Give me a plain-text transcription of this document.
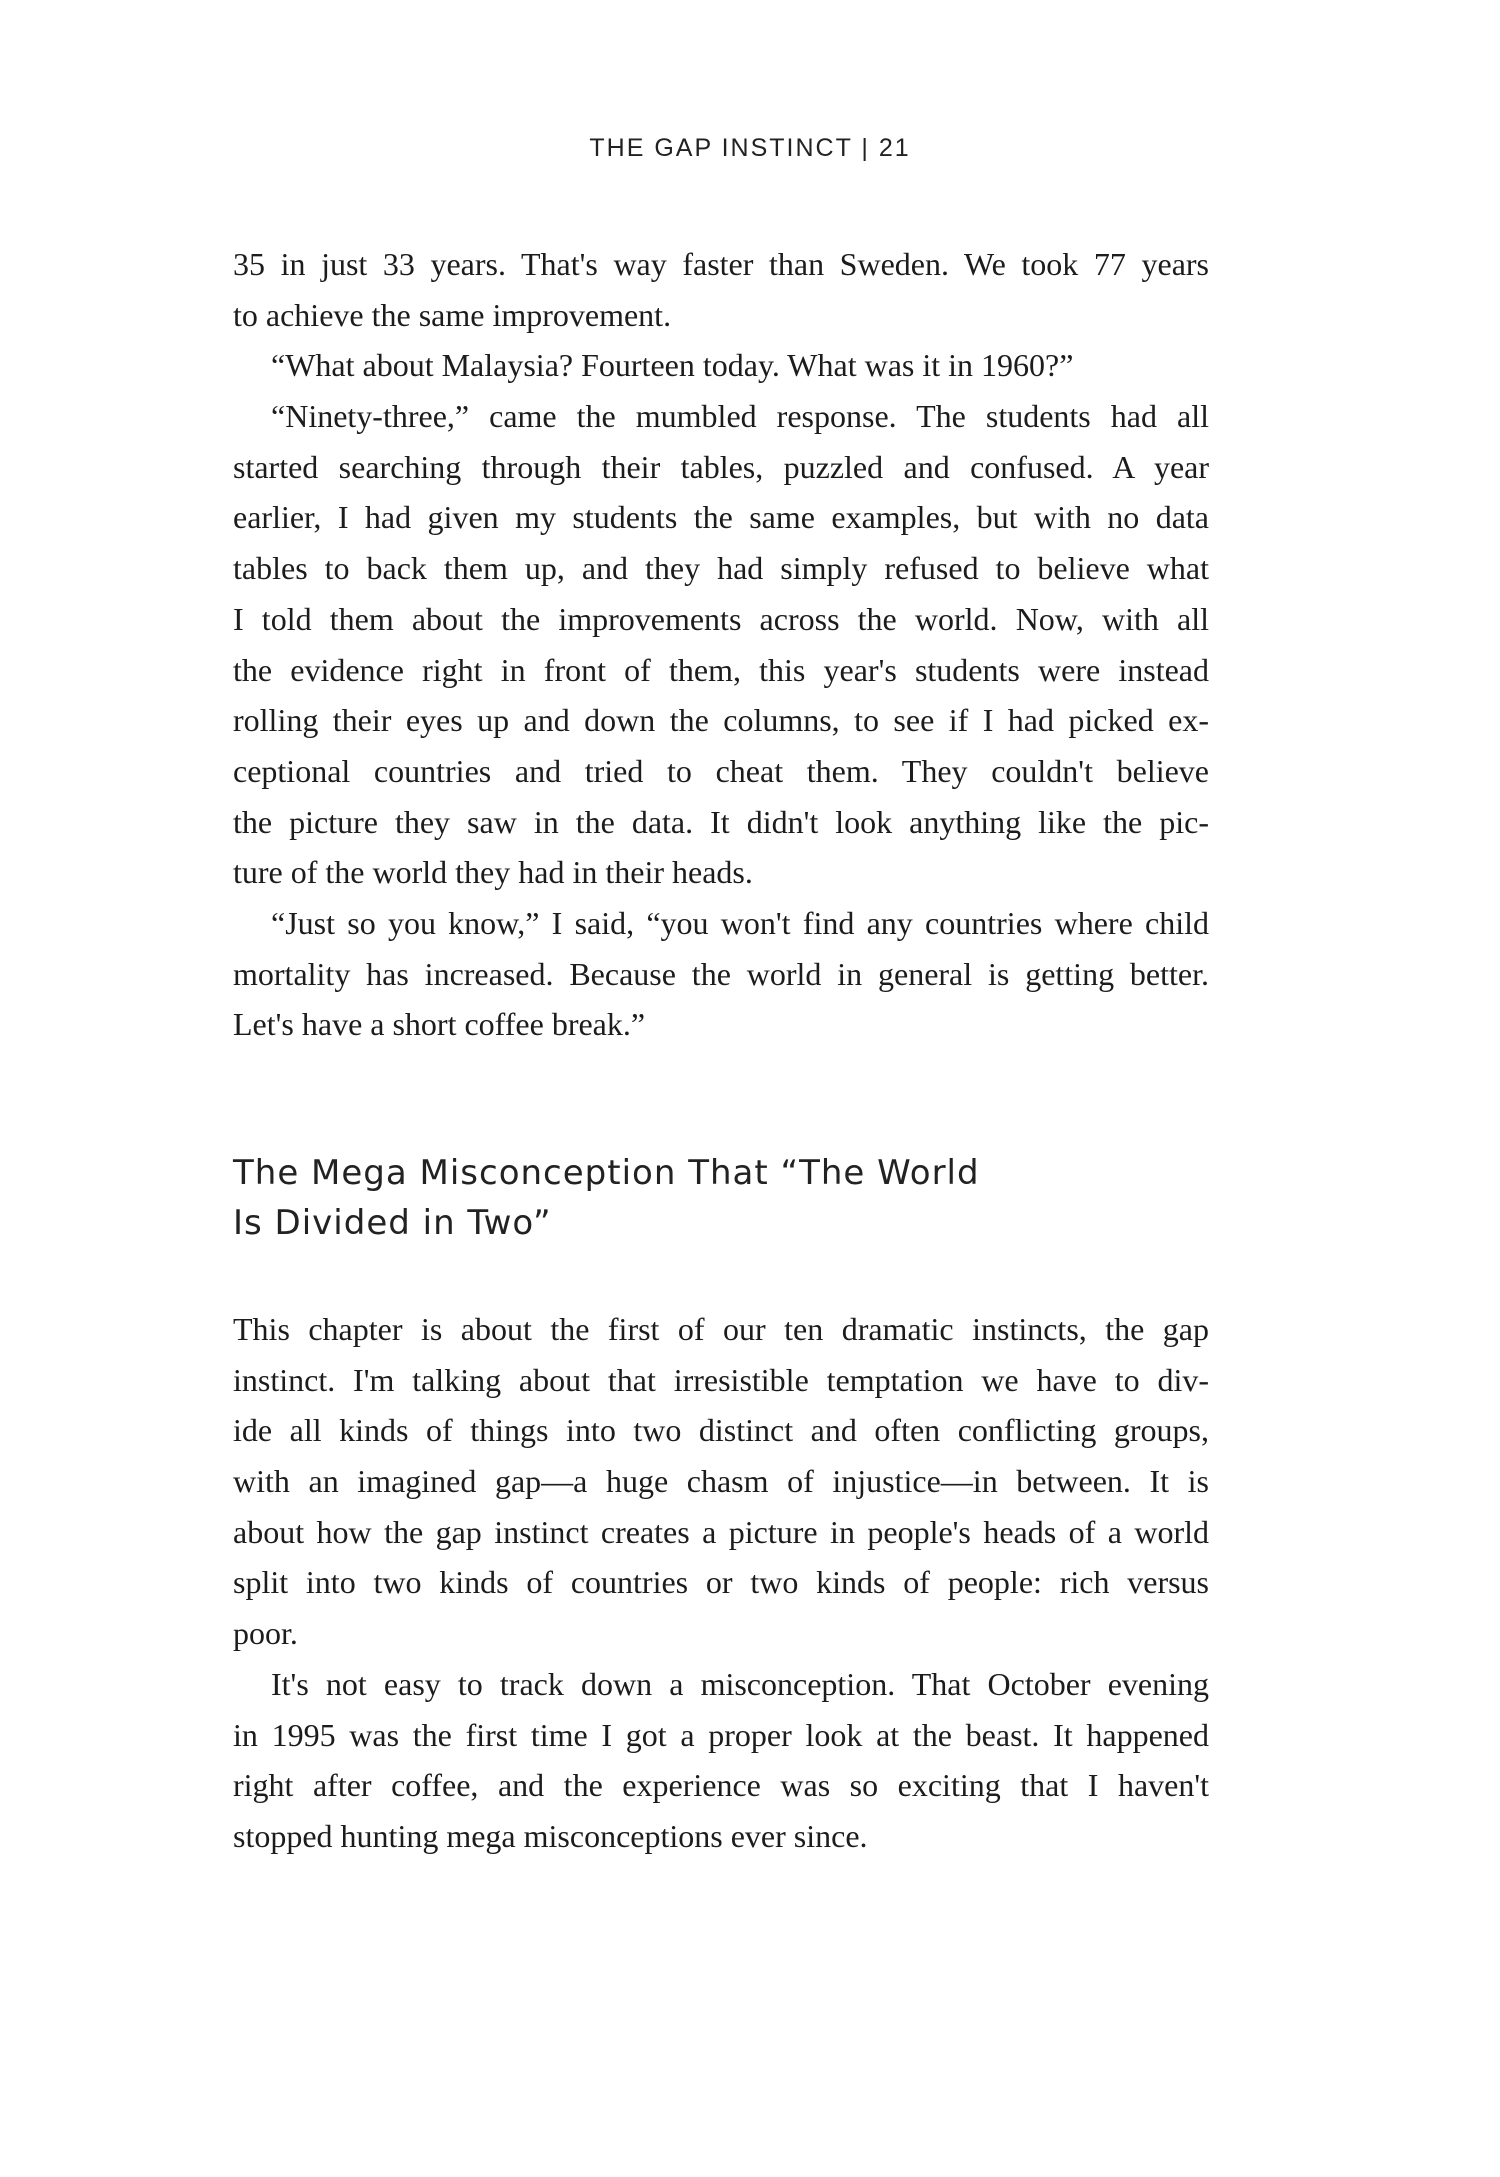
THE GAP INSTINCT | 21
35 in just 33 years. That's way faster than Sweden. We took 77 years
to achieve the same improvement.
“What about Malaysia? Fourteen today. What was it in 1960?”
“Ninety-three,” came the mumbled response. The students had all
started searching through their tables, puzzled and confused. A year
earlier, I had given my students the same examples, but with no data
tables to back them up, and they had simply refused to believe what
I told them about the improvements across the world. Now, with all
the evidence right in front of them, this year's students were instead
rolling their eyes up and down the columns, to see if I had picked ex-
ceptional countries and tried to cheat them. They couldn't believe
the picture they saw in the data. It didn't look anything like the pic-
ture of the world they had in their heads.
“Just so you know,” I said, “you won't find any countries where child
mortality has increased. Because the world in general is getting better.
Let's have a short coffee break.”
The Mega Misconception That “The World
Is Divided in Two”
This chapter is about the first of our ten dramatic instincts, the gap
instinct. I'm talking about that irresistible temptation we have to div-
ide all kinds of things into two distinct and often conflicting groups,
with an imagined gap—a huge chasm of injustice—in between. It is
about how the gap instinct creates a picture in people's heads of a world
split into two kinds of countries or two kinds of people: rich versus
poor.
It's not easy to track down a misconception. That October evening
in 1995 was the first time I got a proper look at the beast. It happened
right after coffee, and the experience was so exciting that I haven't
stopped hunting mega misconceptions ever since.
